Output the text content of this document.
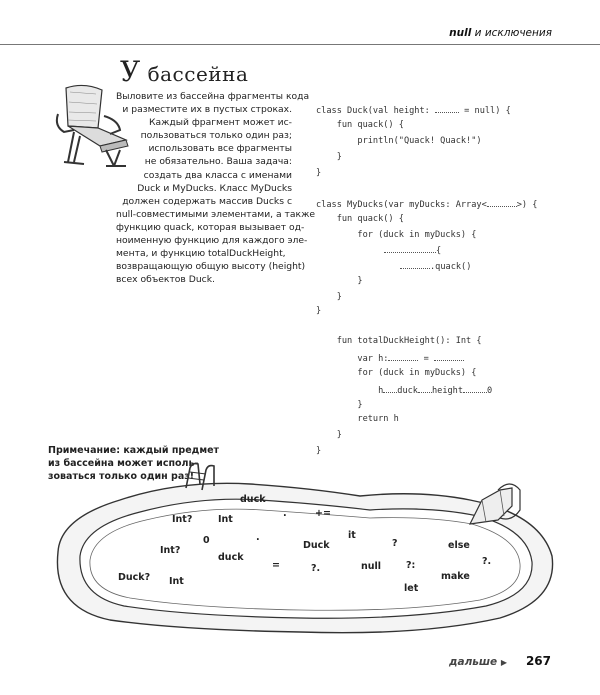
null и исключения
У бассейна

Выловите из бассейна фрагменты кода

и разместите их в пустых строках.

Каждый фрагмент может ис-

пользоваться только один раз;

использовать все фрагменты

не обязательно. Ваша задача:

создать два класса с именами

Duck и MyDucks. Класс MyDucks

должен содержать массив Ducks с

null-совместимыми элементами, а также

функцию quack, которая вызывает од-

ноименную функцию для каждого эле-

мента, и функцию totalDuckHeight,

возвращающую общую высоту (height)

всех объектов Duck.

class Duck(val height:	= null) {
fun quack() {
println("Quack! Quack!")
}
}
class MyDucks(var myDucks: Array<	>) {
fun quack() {
for (duck in myDucks) {
{
.quack()
}
}
}
fun totalDuckHeight(): Int {
var h:	=
for (duck in myDucks) {
h duck height	0
}
return h
}
}
Примечание: каждый предмет
из бассейна может исполь-
зоваться только один раз!
duck
Int?	Int
.	+=
0	.	it
Duck	?	else
Int?
duck
=	?.	null	?:	?.
Duck? Int	make
let
дальше ▶ 267
